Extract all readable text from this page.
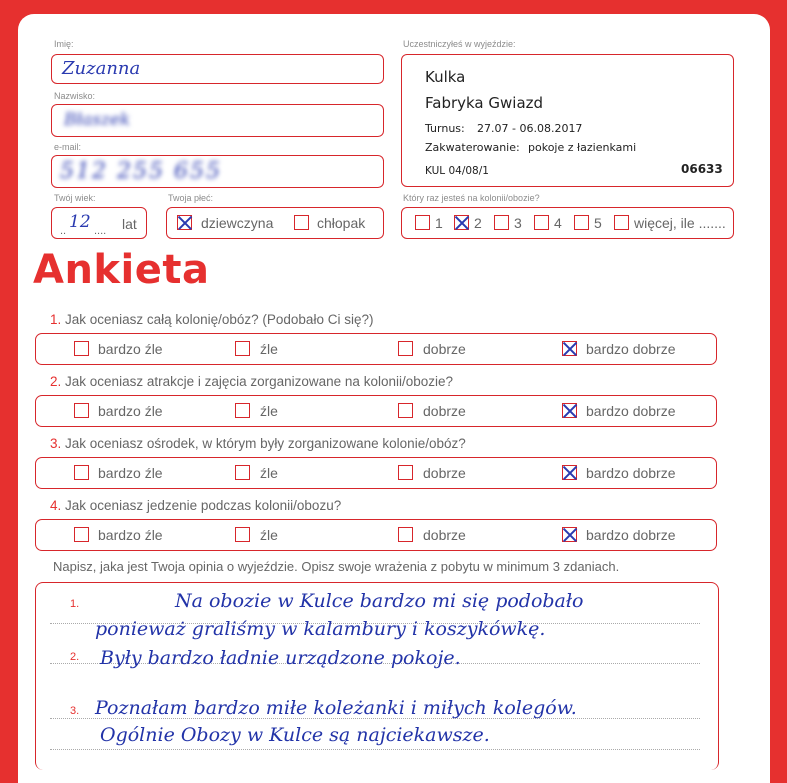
Imię:
Zuzanna
Nazwisko:
Błaszek
e-mail:
512 255 655
Twój wiek:
.. 12 .... lat
Twoja płeć:
dziewczyna	chłopak
Uczestniczyłeś w wyjeździe:
Kulka
Fabryka Gwiazd
Turnus: 27.07 - 06.08.2017
Zakwaterowanie: pokoje z łazienkami
KUL 04/08/1	06633
Który raz jesteś na kolonii/obozie?
1 2 3 4 5 więcej, ile .......
Ankieta
1. Jak oceniasz całą kolonię/obóz? (Podobało Ci się?)
bardzo źle	źle	dobrze	bardzo dobrze
2. Jak oceniasz atrakcje i zajęcia zorganizowane na kolonii/obozie?
bardzo źle	źle	dobrze	bardzo dobrze
3. Jak oceniasz ośrodek, w którym były zorganizowane kolonie/obóz?
bardzo źle	źle	dobrze	bardzo dobrze
4. Jak oceniasz jedzenie podczas kolonii/obozu?
bardzo źle	źle	dobrze	bardzo dobrze
Napisz, jaka jest Twoja opinia o wyjeździe. Opisz swoje wrażenia z pobytu w minimum 3 zdaniach.
1.
2.
3.
Na obozie w Kulce bardzo mi się podobało
ponieważ graliśmy w kalambury i koszykówkę.
Były bardzo ładnie urządzone pokoje.
Poznałam bardzo miłe koleżanki i miłych kolegów.
Ogólnie Obozy w Kulce są najciekawsze.
